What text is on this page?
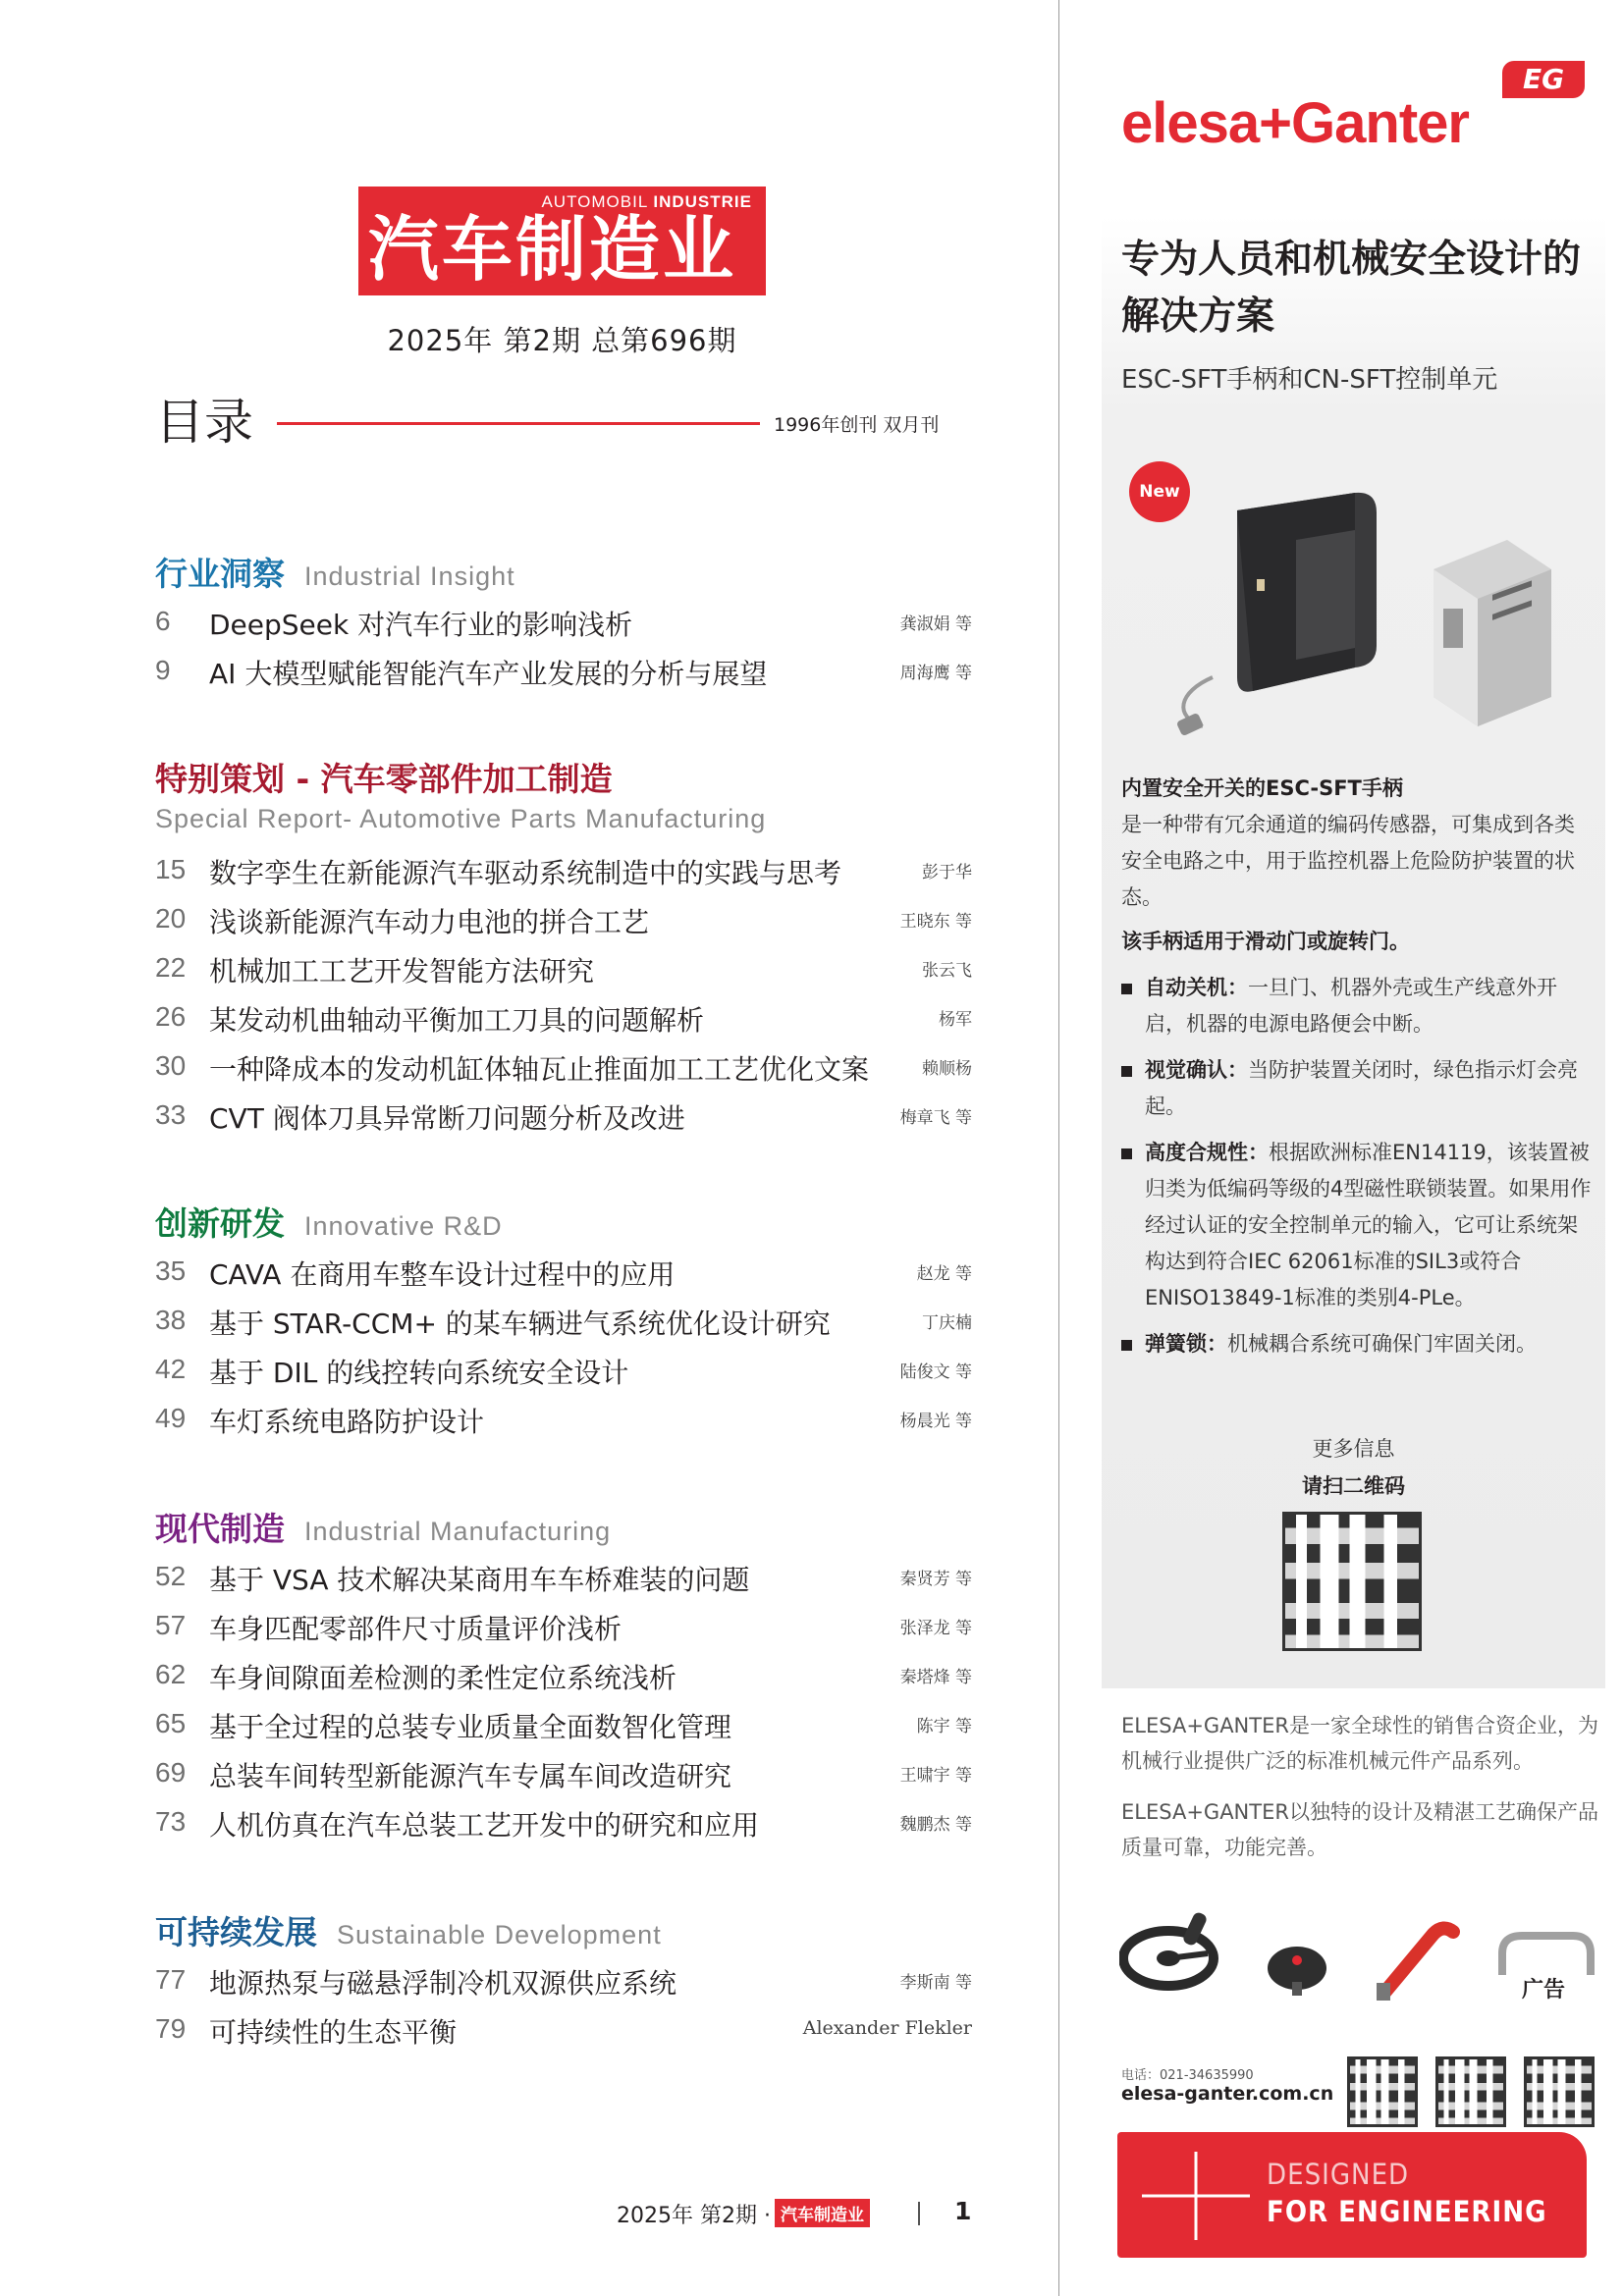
AUTOMOBIL INDUSTRIE
汽车制造业
2025年 第2期 总第696期
目录	1996年创刊 双月刊
行业洞察 Industrial Insight
6 DeepSeek 对汽车行业的影响浅析	龚淑娟 等
9 AI 大模型赋能智能汽车产业发展的分析与展望	周海鹰 等
特别策划 - 汽车零部件加工制造
Special Report- Automotive Parts Manufacturing
15 数字孪生在新能源汽车驱动系统制造中的实践与思考	彭于华
20 浅谈新能源汽车动力电池的拼合工艺	王晓东 等
22 机械加工工艺开发智能方法研究	张云飞
26 某发动机曲轴动平衡加工刀具的问题解析	杨军
30 一种降成本的发动机缸体轴瓦止推面加工工艺优化文案	赖顺杨
33 CVT 阀体刀具异常断刀问题分析及改进	梅章飞 等
创新研发 Innovative R&D
35 CAVA 在商用车整车设计过程中的应用	赵龙 等
38 基于 STAR-CCM+ 的某车辆进气系统优化设计研究	丁庆楠
42 基于 DIL 的线控转向系统安全设计	陆俊文 等
49 车灯系统电路防护设计	杨晨光 等
现代制造 Industrial Manufacturing
52 基于 VSA 技术解决某商用车车桥难装的问题	秦贤芳 等
57 车身匹配零部件尺寸质量评价浅析	张泽龙 等
62 车身间隙面差检测的柔性定位系统浅析	秦塔烽 等
65 基于全过程的总装专业质量全面数智化管理	陈宇 等
69 总装车间转型新能源汽车专属车间改造研究	王啸宇 等
73 人机仿真在汽车总装工艺开发中的研究和应用	魏鹏杰 等
可持续发展 Sustainable Development
77 地源热泵与磁悬浮制冷机双源供应系统	李斯南 等
79 可持续性的生态平衡	Alexander Flekler
2025年 第2期 · 汽车制造业	1
EG
elesa+Ganter
专为人员和机械安全设计的解决方案
ESC-SFT手柄和CN-SFT控制单元
New
内置安全开关的ESC-SFT手柄
是一种带有冗余通道的编码传感器，可集成到各类安全电路之中，用于监控机器上危险防护装置的状态。
该手柄适用于滑动门或旋转门。
自动关机：一旦门、机器外壳或生产线意外开启，机器的电源电路便会中断。
视觉确认：当防护装置关闭时，绿色指示灯会亮起。
高度合规性：根据欧洲标准EN14119，该装置被归类为低编码等级的4型磁性联锁装置。如果用作经过认证的安全控制单元的输入，它可让系统架构达到符合IEC 62061标准的SIL3或符合ENISO13849-1标准的类别4-PLe。
弹簧锁：机械耦合系统可确保门牢固关闭。
更多信息
请扫二维码

ELESA+GANTER是一家全球性的销售合资企业，为机械行业提供广泛的标准机械元件产品系列。

ELESA+GANTER以独特的设计及精湛工艺确保产品质量可靠，功能完善。

广告
电话：021-34635990
elesa-ganter.com.cn
DESIGNED
FOR ENGINEERING
